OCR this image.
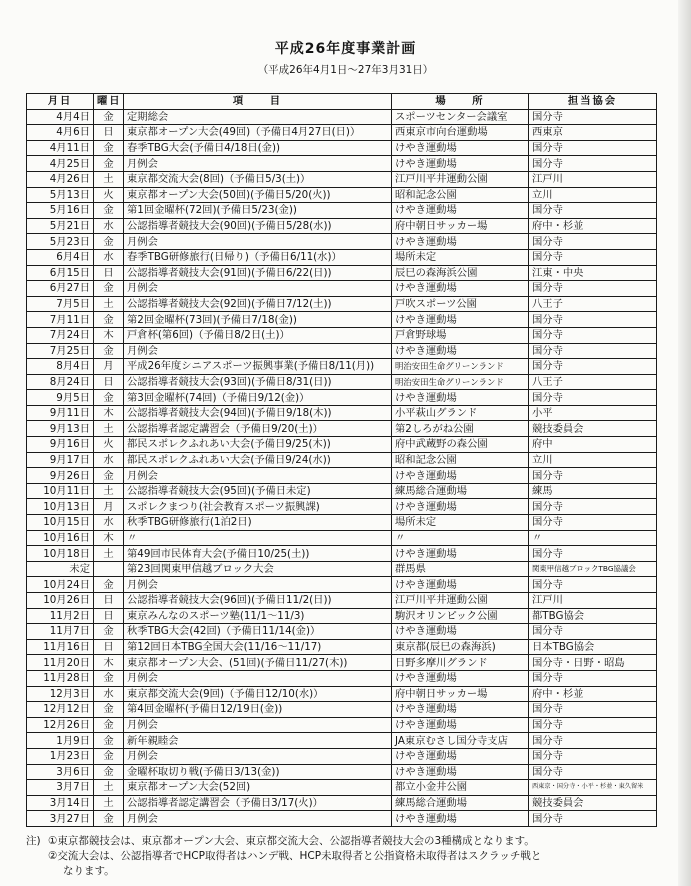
平成26年度事業計画
（平成26年4月1日～27年3月31日）
月日	曜日	項　　目	場　　所	担当協会
4月4日	金	定期総会	スポーツセンター会議室	国分寺
4月6日	日	東京都オープン大会(49回)（予備日4月27日(日)）	西東京市向台運動場	西東京
4月11日	金	春季TBG大会(予備日4/18日(金))	けやき運動場	国分寺
4月25日	金	月例会	けやき運動場	国分寺
4月26日	土	東京都交流大会(8回)（予備日5/3(土)）	江戸川平井運動公園	江戸川
5月13日	火	東京都オープン大会(50回)(予備日5/20(火))	昭和記念公園	立川
5月16日	金	第1回金曜杯(72回)(予備日5/23(金))	けやき運動場	国分寺
5月21日	水	公認指導者競技大会(90回)(予備日5/28(水))	府中朝日サッカー場	府中・杉並
5月23日	金	月例会	けやき運動場	国分寺
6月4日	水	春季TBG研修旅行(日帰り)（予備日6/11(水)）	場所未定	国分寺
6月15日	日	公認指導者競技大会(91回)(予備日6/22(日))	辰巳の森海浜公園	江東・中央
6月27日	金	月例会	けやき運動場	国分寺
7月5日	土	公認指導者競技大会(92回)(予備日7/12(土))	戸吹スポーツ公園	八王子
7月11日	金	第2回金曜杯(73回)(予備日7/18(金))	けやき運動場	国分寺
7月24日	木	戸倉杯(第6回)（予備日8/2日(土)）	戸倉野球場	国分寺
7月25日	金	月例会	けやき運動場	国分寺
8月4日	月	平成26年度シニアスポーツ振興事業(予備日8/11(月))	明治安田生命グリーンランド	国分寺
8月24日	日	公認指導者競技大会(93回)(予備日8/31(日))	明治安田生命グリーンランド	八王子
9月5日	金	第3回金曜杯(74回)（予備日9/12(金)）	けやき運動場	国分寺
9月11日	木	公認指導者競技大会(94回)(予備日9/18(木))	小平萩山グランド	小平
9月13日	土	公認指導者認定講習会（予備日9/20(土)）	第2しろがね公園	競技委員会
9月16日	火	都民スポレクふれあい大会(予備日9/25(木))	府中武蔵野の森公園	府中
9月17日	水	都民スポレクふれあい大会(予備日9/24(水))	昭和記念公園	立川
9月26日	金	月例会	けやき運動場	国分寺
10月11日	土	公認指導者競技大会(95回)(予備日未定)	練馬総合運動場	練馬
10月13日	月	スポレクまつり(社会教育スポーツ振興課)	けやき運動場	国分寺
10月15日	水	秋季TBG研修旅行(1泊2日)	場所未定	国分寺
10月16日	木	〃	〃	〃
10月18日	土	第49回市民体育大会(予備日10/25(土))	けやき運動場	国分寺
未定		第23回関東甲信越ブロック大会	群馬県	関東甲信越ブロックTBG協議会
10月24日	金	月例会	けやき運動場	国分寺
10月26日	日	公認指導者競技大会(96回)(予備日11/2(日))	江戸川平井運動公園	江戸川
11月2日	日	東京みんなのスポーツ塾(11/1～11/3)	駒沢オリンピック公園	都TBG協会
11月7日	金	秋季TBG大会(42回)（予備日11/14(金)）	けやき運動場	国分寺
11月16日	日	第12回日本TBG全国大会(11/16～11/17)	東京都(辰巳の森海浜)	日本TBG協会
11月20日	木	東京都オープン大会、(51回)(予備日11/27(木))	日野多摩川グランド	国分寺・日野・昭島
11月28日	金	月例会	けやき運動場	国分寺
12月3日	水	東京都交流大会(9回)（予備日12/10(水)）	府中朝日サッカー場	府中・杉並
12月12日	金	第4回金曜杯(予備日12/19日(金))	けやき運動場	国分寺
12月26日	金	月例会	けやき運動場	国分寺
1月9日	金	新年親睦会	JA東京むさし国分寺支店	国分寺
1月23日	金	月例会	けやき運動場	国分寺
3月6日	金	金曜杯取切り戦(予備日3/13(金))	けやき運動場	国分寺
3月7日	土	東京都オープン大会(52回)	都立小金井公園	西東京・国分寺・小平・杉並・東久留米
3月14日	土	公認指導者認定講習会（予備日3/17(火)）	練馬総合運動場	競技委員会
3月27日	金	月例会	けやき運動場	国分寺
注) ①東京都競技会は、東京都オープン大会、東京都交流大会、公認指導者競技大会の3種構成となります。
②交流大会は、公認指導者でHCP取得者はハンデ戦、HCP未取得者と公指資格未取得者はスクラッチ戦と
なります。
